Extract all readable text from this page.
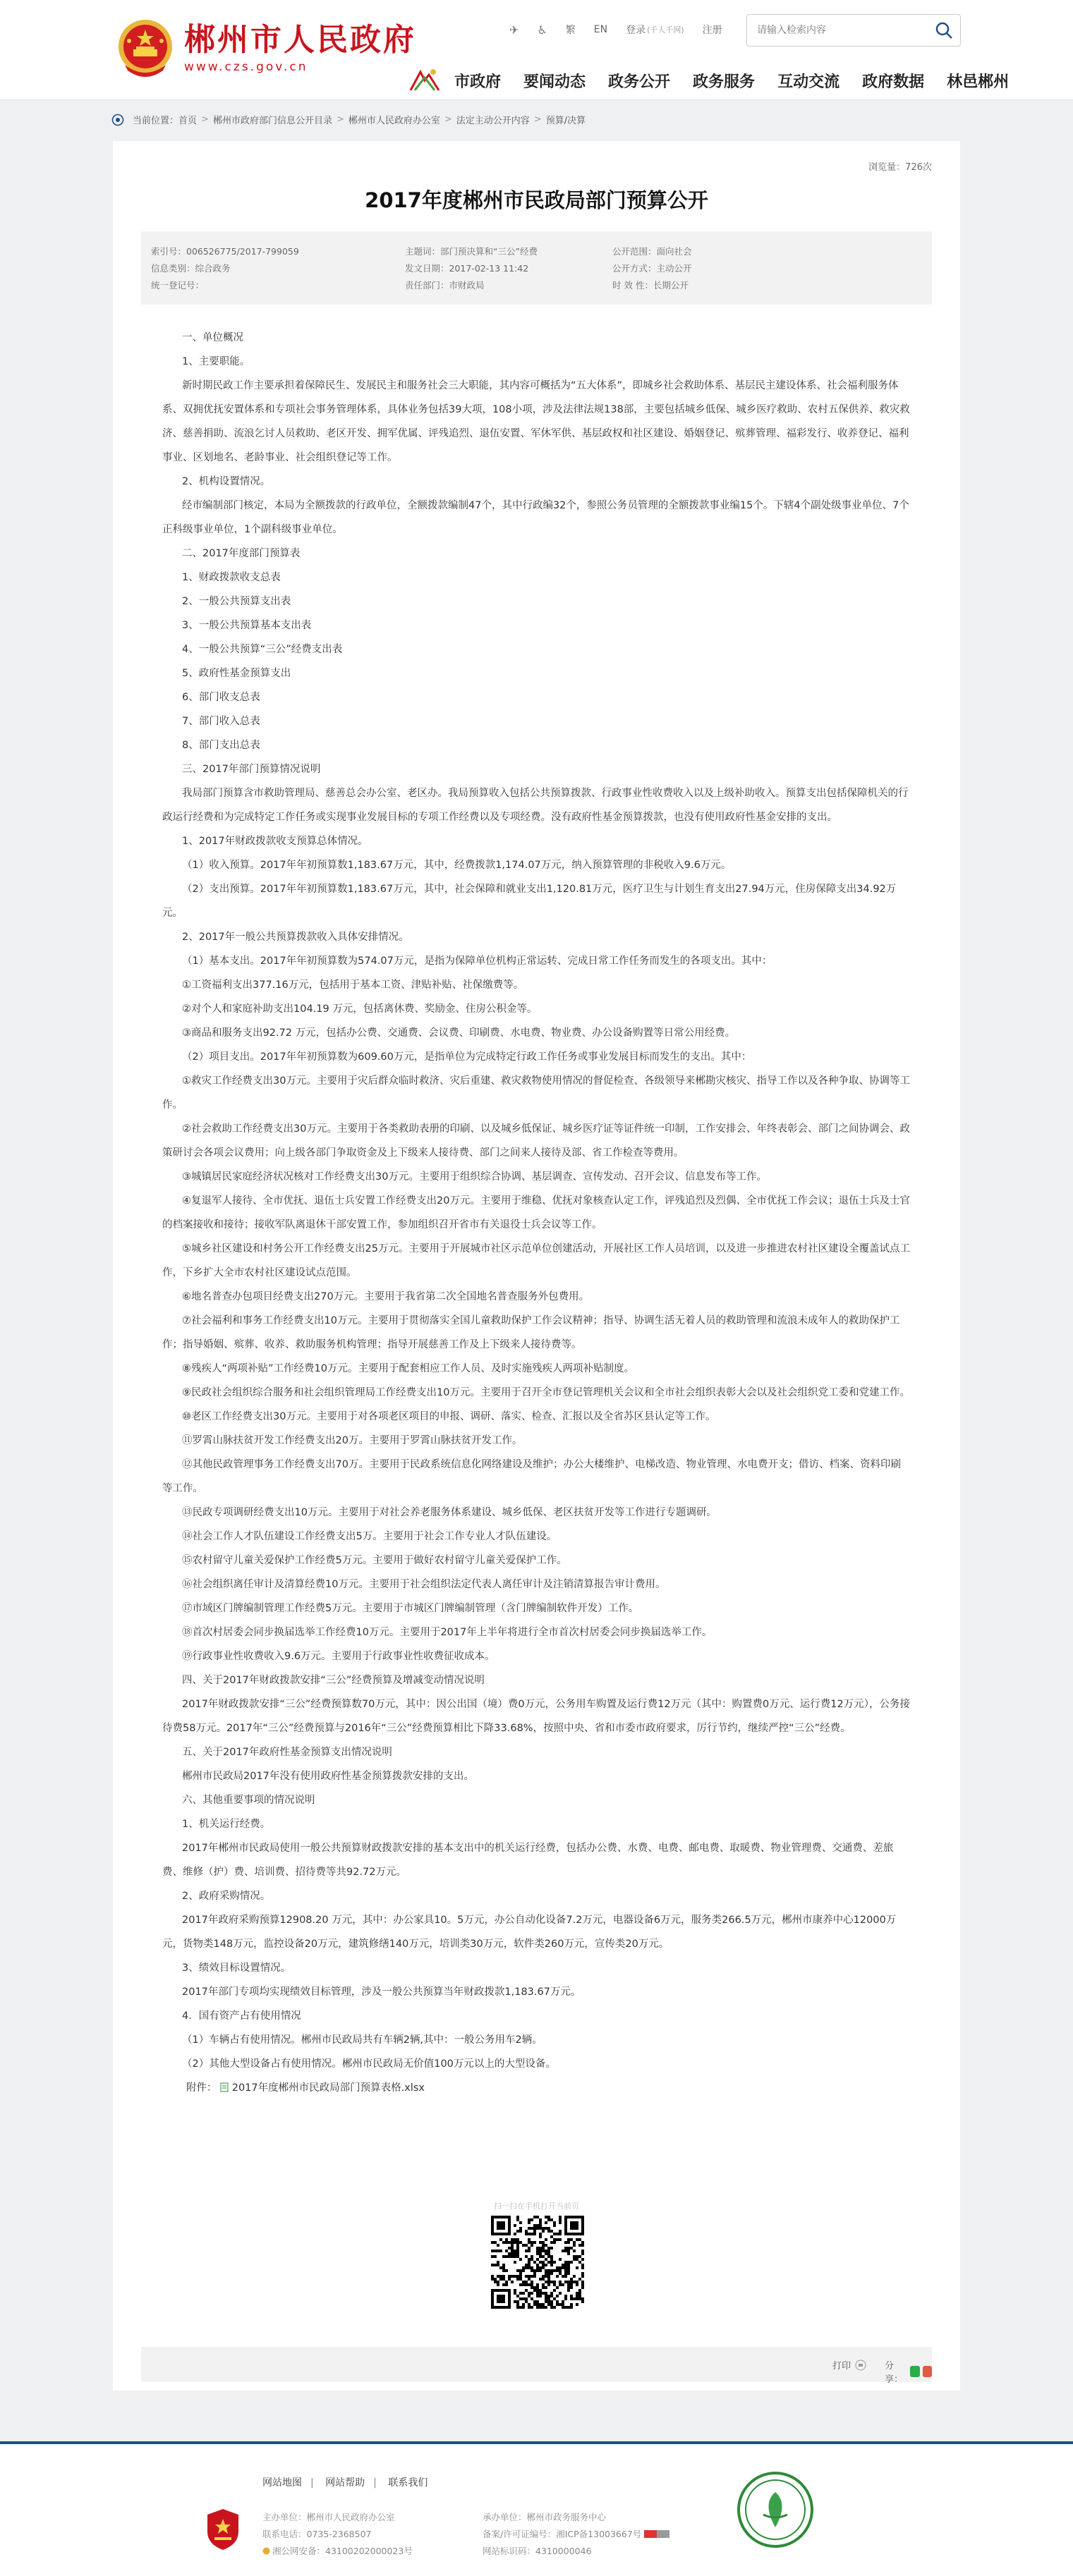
郴州市人民政府
www.czs.gov.cn
✈︎ ♿ 繁 EN 登录 (千人千网) 注册
请输入检索内容
市政府 要闻动态 政务公开 政务服务 互动交流 政府数据 林邑郴州
当前位置： 首页 > 郴州市政府部门信息公开目录 > 郴州市人民政府办公室 > 法定主动公开内容 > 预算/决算
浏览量：726次
2017年度郴州市民政局部门预算公开
索引号：006526775/2017-799059	主题词：部门预决算和“三公”经费	公开范围：面向社会
信息类别：综合政务	发文日期：2017-02-13 11:42	公开方式：主动公开
统一登记号：	责任部门：市财政局	时 效 性：长期公开

一、单位概况

1、主要职能。

新时期民政工作主要承担着保障民生、发展民主和服务社会三大职能，其内容可概括为“五大体系”，即城乡社会救助体系、基层民主建设体系、社会福利服务体系、双拥优抚安置体系和专项社会事务管理体系，具体业务包括39大项，108小项，涉及法律法规138部，主要包括城乡低保、城乡医疗救助、农村五保供养、救灾救济、慈善捐助、流浪乞讨人员救助、老区开发、拥军优属、评残追烈、退伍安置、军休军供、基层政权和社区建设、婚姻登记、殡葬管理、福彩发行、收养登记、福利事业、区划地名、老龄事业、社会组织登记等工作。

2、机构设置情况。

经市编制部门核定，本局为全额拨款的行政单位，全额拨款编制47个，其中行政编32个，参照公务员管理的全额拨款事业编15个。下辖4个副处级事业单位、7个正科级事业单位，1个副科级事业单位。

二、2017年度部门预算表

1、财政拨款收支总表

2、一般公共预算支出表

3、一般公共预算基本支出表

4、一般公共预算“三公”经费支出表

5、政府性基金预算支出

6、部门收支总表

7、部门收入总表

8、部门支出总表

三、2017年部门预算情况说明

我局部门预算含市救助管理局、慈善总会办公室、老区办。我局预算收入包括公共预算拨款、行政事业性收费收入以及上级补助收入。预算支出包括保障机关的行政运行经费和为完成特定工作任务或实现事业发展目标的专项工作经费以及专项经费。没有政府性基金预算拨款，也没有使用政府性基金安排的支出。

1、2017年财政拨款收支预算总体情况。

（1）收入预算。2017年年初预算数1,183.67万元，其中，经费拨款1,174.07万元，纳入预算管理的非税收入9.6万元。

（2）支出预算。2017年年初预算数1,183.67万元，其中，社会保障和就业支出1,120.81万元，医疗卫生与计划生育支出27.94万元，住房保障支出34.92万元。

2、2017年一般公共预算拨款收入具体安排情况。

（1）基本支出。2017年年初预算数为574.07万元，是指为保障单位机构正常运转、完成日常工作任务而发生的各项支出。其中：

①工资福利支出377.16万元，包括用于基本工资、津贴补贴、社保缴费等。

②对个人和家庭补助支出104.19 万元，包括离休费、奖励金、住房公积金等。

③商品和服务支出92.72 万元，包括办公费、交通费、会议费、印刷费、水电费、物业费、办公设备购置等日常公用经费。

（2）项目支出。2017年年初预算数为609.60万元，是指单位为完成特定行政工作任务或事业发展目标而发生的支出。其中：

①救灾工作经费支出30万元。主要用于灾后群众临时救济、灾后重建、救灾救物使用情况的督促检查、各级领导来郴勘灾核灾、指导工作以及各种争取、协调等工作。

②社会救助工作经费支出30万元。主要用于各类救助表册的印刷、以及城乡低保证、城乡医疗证等证件统一印制，工作安排会、年终表彰会、部门之间协调会、政策研讨会各项会议费用；向上级各部门争取资金及上下级来人接待费、部门之间来人接待及部、省工作检查等费用。

③城镇居民家庭经济状况核对工作经费支出30万元。主要用于组织综合协调、基层调查、宣传发动、召开会议、信息发布等工作。

④复退军人接待、全市优抚、退伍士兵安置工作经费支出20万元。主要用于维稳、优抚对象核查认定工作，评残追烈及烈偶、全市优抚工作会议；退伍士兵及士官的档案接收和接待；接收军队离退休干部安置工作，参加组织召开省市有关退役士兵会议等工作。

⑤城乡社区建设和村务公开工作经费支出25万元。主要用于开展城市社区示范单位创建活动，开展社区工作人员培训，以及进一步推进农村社区建设全覆盖试点工作，下乡扩大全市农村社区建设试点范围。

⑥地名普查办包项目经费支出270万元。主要用于我省第二次全国地名普查服务外包费用。

⑦社会福利和事务工作经费支出10万元。主要用于贯彻落实全国儿童救助保护工作会议精神；指导、协调生活无着人员的救助管理和流浪未成年人的救助保护工作；指导婚姻、殡葬、收养、救助服务机构管理；指导开展慈善工作及上下级来人接待费等。

⑧残疾人“两项补贴”工作经费10万元。主要用于配套相应工作人员、及时实施残疾人两项补贴制度。

⑨民政社会组织综合服务和社会组织管理局工作经费支出10万元。主要用于召开全市登记管理机关会议和全市社会组织表彰大会以及社会组织党工委和党建工作。

⑩老区工作经费支出30万元。主要用于对各项老区项目的申报、调研、落实、检查、汇报以及全省苏区县认定等工作。

⑪罗霄山脉扶贫开发工作经费支出20万。主要用于罗霄山脉扶贫开发工作。

⑫其他民政管理事务工作经费支出70万。主要用于民政系统信息化网络建设及维护；办公大楼维护、电梯改造、物业管理、水电费开支；借访、档案、资料印刷等工作。

⑬民政专项调研经费支出10万元。主要用于对社会养老服务体系建设、城乡低保、老区扶贫开发等工作进行专题调研。

⑭社会工作人才队伍建设工作经费支出5万。主要用于社会工作专业人才队伍建设。

⑮农村留守儿童关爱保护工作经费5万元。主要用于做好农村留守儿童关爱保护工作。

⑯社会组织离任审计及清算经费10万元。主要用于社会组织法定代表人离任审计及注销清算报告审计费用。

⑰市域区门牌编制管理工作经费5万元。主要用于市城区门牌编制管理（含门牌编制软件开发）工作。

⑱首次村居委会同步换届选举工作经费10万元。主要用于2017年上半年将进行全市首次村居委会同步换届选举工作。

⑲行政事业性收费收入9.6万元。主要用于行政事业性收费征收成本。

四、关于2017年财政拨款安排“三公”经费预算及增减变动情况说明

2017年财政拨款安排“三公”经费预算数70万元，其中：因公出国（境）费0万元，公务用车购置及运行费12万元（其中：购置费0万元、运行费12万元），公务接待费58万元。2017年“三公”经费预算与2016年“三公”经费预算相比下降33.68%，按照中央、省和市委市政府要求，厉行节约，继续严控“三公”经费。

五、关于2017年政府性基金预算支出情况说明

郴州市民政局2017年没有使用政府性基金预算拨款安排的支出。

六、其他重要事项的情况说明

1、机关运行经费。

2017年郴州市民政局使用一般公共预算财政拨款安排的基本支出中的机关运行经费，包括办公费、水费、电费、邮电费、取暖费、物业管理费、交通费、差旅费、维修（护）费、培训费、招待费等共92.72万元。

2、政府采购情况。

2017年政府采购预算12908.20 万元，其中：办公家具10。5万元，办公自动化设备7.2万元，电器设备6万元，服务类266.5万元，郴州市康养中心12000万元，货物类148万元，监控设备20万元，建筑修缮140万元，培训类30万元，软件类260万元，宣传类20万元。

3、绩效目标设置情况。

2017年部门专项均实现绩效目标管理，涉及一般公共预算当年财政拨款1,183.67万元。

4．国有资产占有使用情况

（1）车辆占有使用情况。郴州市民政局共有车辆2辆,其中：一般公务用车2辆。

（2）其他大型设备占有使用情况。郴州市民政局无价值100万元以上的大型设备。

附件： 2017年度郴州市民政局部门预算表格.xlsx
扫一扫在手机打开当前页
打印	分享：
网站地图 | 网站帮助 | 联系我们
主办单位：郴州市人民政府办公室
联系电话：0735-2368507
湘公网安备：43100202000023号
承办单位：郴州市政务服务中心
备案/许可证编号：湘ICP备13003667号
网站标识码：4310000046
